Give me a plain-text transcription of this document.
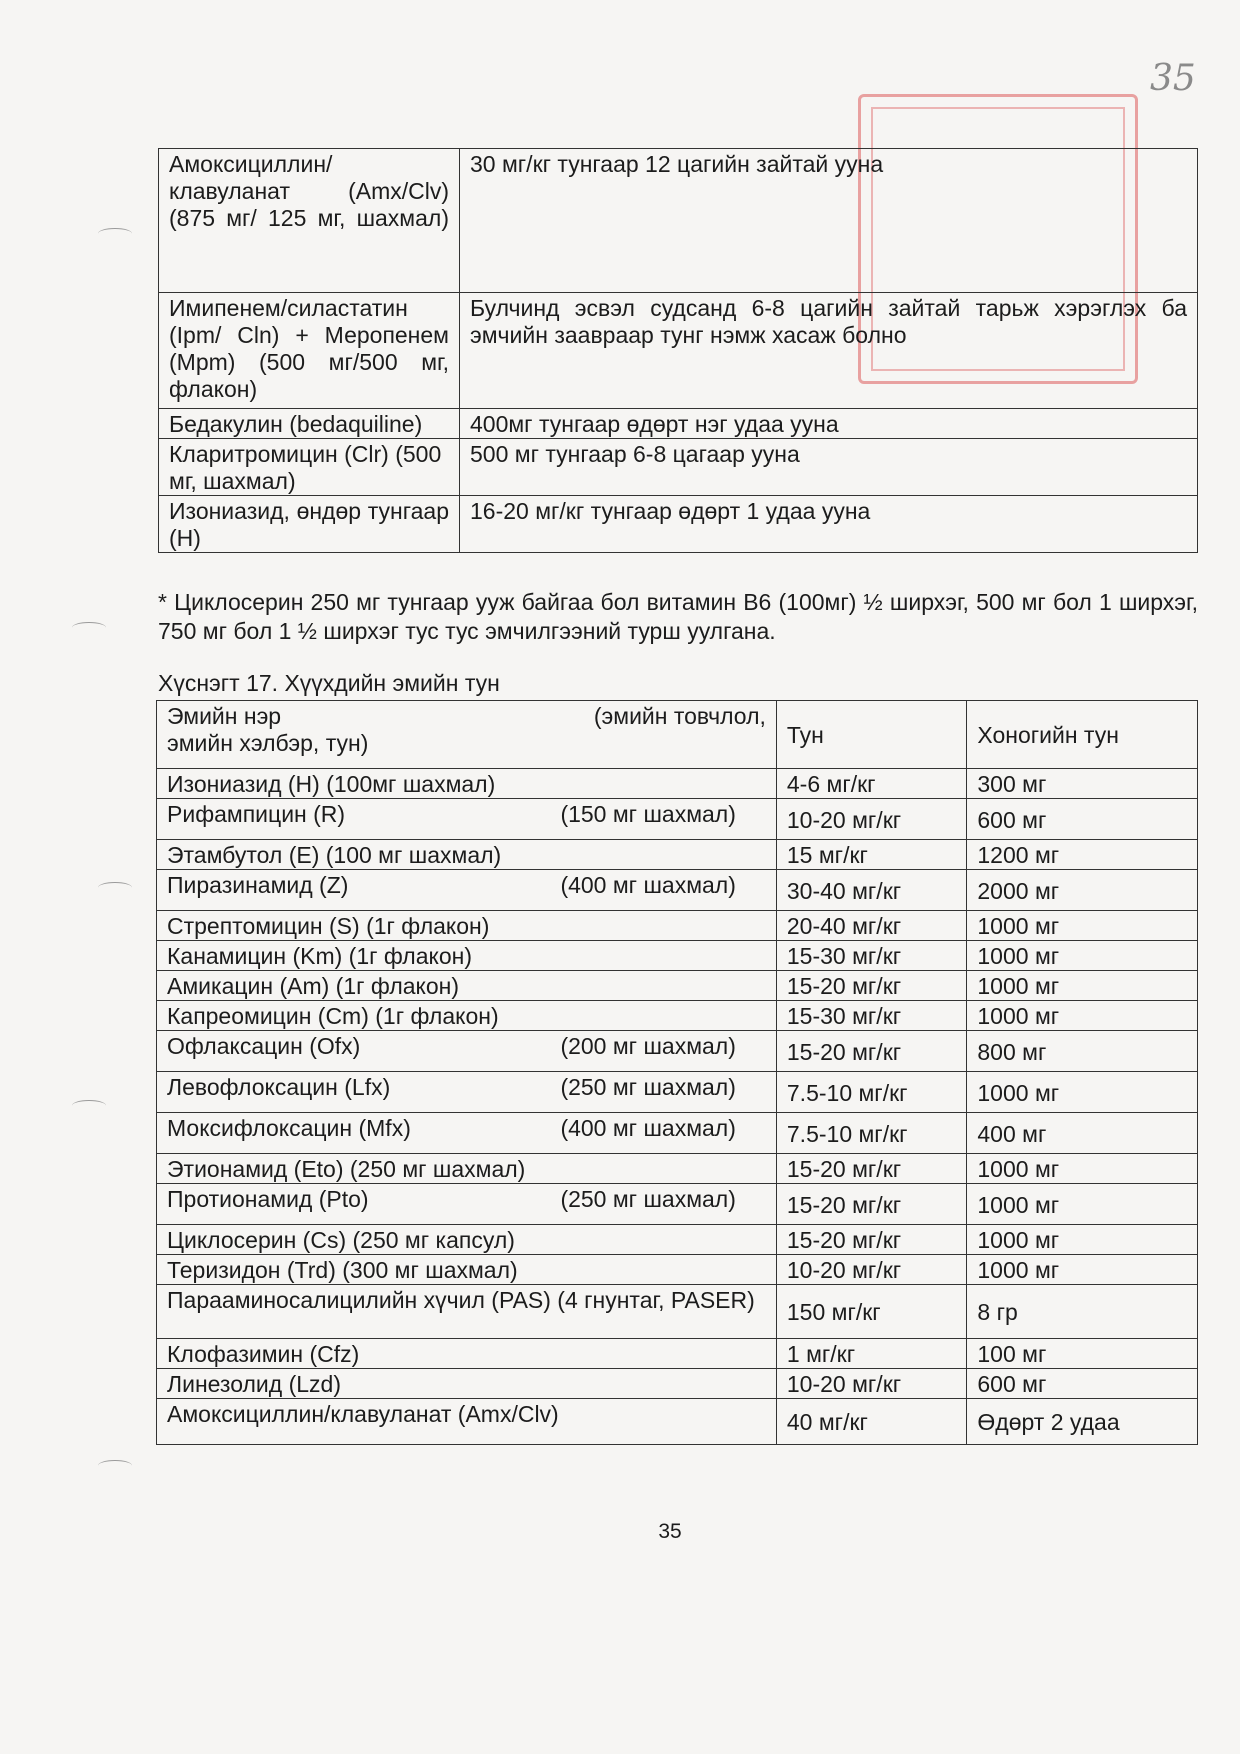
35
Амоксициллин/ клавуланат (Amx/Clv) (875 мг/ 125 мг, шахмал)	30 мг/кг тунгаар 12 цагийн зайтай ууна
Имипенем/силастатин (Ipm/ Cln) + Меропенем (Mpm) (500 мг/500 мг, флакон)	Булчинд эсвэл судсанд 6-8 цагийн зайтай тарьж хэрэглэх ба эмчийн заавраар тунг нэмж хасаж болно
Бедакулин (bedaquiline)	400мг тунгаар өдөрт нэг удаа ууна
Кларитромицин (Clr) (500 мг, шахмал)	500 мг тунгаар 6-8 цагаар ууна
Изониазид, өндөр тунгаар (H)	16-20 мг/кг тунгаар өдөрт 1 удаа ууна
* Циклосерин 250 мг тунгаар ууж байгаа бол витамин B6 (100мг) ½ ширхэг, 500 мг бол 1 ширхэг, 750 мг бол 1 ½ ширхэг тус тус эмчилгээний турш уулгана.
Хүснэгт 17. Хүүхдийн эмийн тун
Эмийн нэр (эмийн товчлол,
эмийн хэлбэр, тун)	Тун	Хоногийн тун

Изониазид (H) (100мг шахмал)	4-6 мг/кг	300 мг

Рифампицин (R) (150 мг шахмал)	10-20 мг/кг	600 мг

Этамбутол (E) (100 мг шахмал)	15 мг/кг	1200 мг

Пиразинамид (Z) (400 мг шахмал)	30-40 мг/кг	2000 мг

Стрептомицин (S) (1г флакон)	20-40 мг/кг	1000 мг

Канамицин (Km) (1г флакон)	15-30 мг/кг	1000 мг

Амикацин (Am) (1г флакон)	15-20 мг/кг	1000 мг

Капреомицин (Cm) (1г флакон)	15-30 мг/кг	1000 мг

Офлаксацин (Ofx) (200 мг шахмал)	15-20 мг/кг	800 мг

Левофлоксацин (Lfx) (250 мг шахмал)	7.5-10 мг/кг	1000 мг

Моксифлоксацин (Mfx) (400 мг шахмал)	7.5-10 мг/кг	400 мг

Этионамид (Eto) (250 мг шахмал)	15-20 мг/кг	1000 мг

Протионамид (Pto) (250 мг шахмал)	15-20 мг/кг	1000 мг

Циклосерин (Cs) (250 мг капсул)	15-20 мг/кг	1000 мг

Теризидон (Trd) (300 мг шахмал)	10-20 мг/кг	1000 мг

Парааминосалицилийн хүчил (PAS) (4 гнунтаг, PASER)	150 мг/кг	8 гр

Клофазимин (Cfz)	1 мг/кг	100 мг

Линезолид (Lzd)	10-20 мг/кг	600 мг

Амоксициллин/клавуланат (Amx/Clv)	40 мг/кг	Өдөрт 2 удаа
35
